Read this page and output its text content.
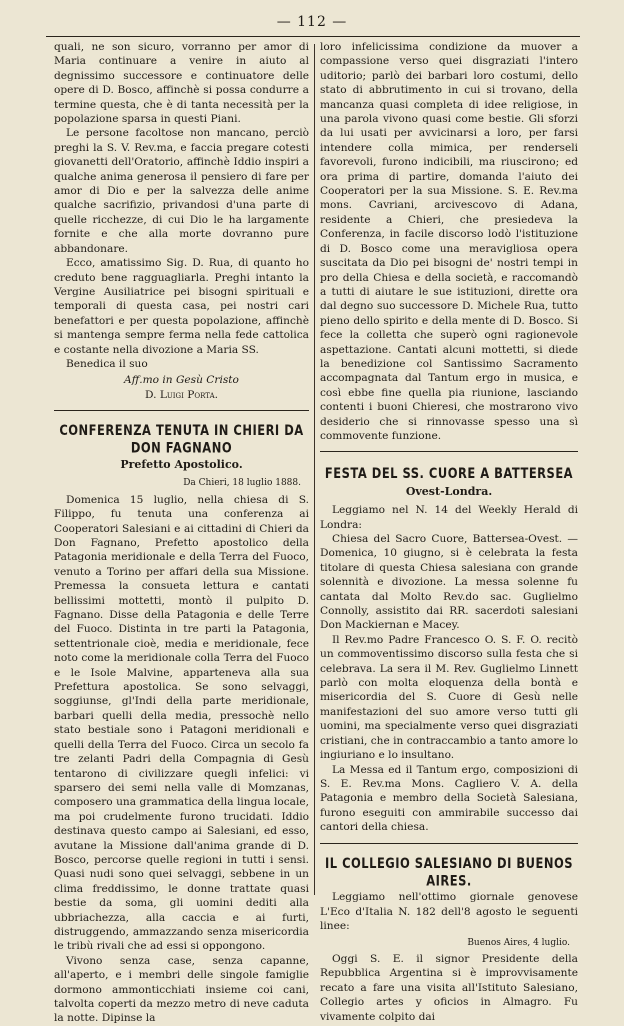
— 112 —

quali, ne son sicuro, vorranno per amor di Maria continuare a venire in aiuto al degnissimo successore e continuatore delle opere di D. Bosco, affinchè si possa condurre a termine questa, che è di tanta necessità per la popolazione sparsa in questi Piani.

Le persone facoltose non mancano, perciò preghi la S. V. Rev.ma, e faccia pregare cotesti giovanetti dell'Oratorio, affinchè Iddio inspiri a qualche anima generosa il pensiero di fare per amor di Dio e per la salvezza delle anime qualche sacrifizio, privandosi d'una parte di quelle ricchezze, di cui Dio le ha largamente fornite e che alla morte dovranno pure abbandonare.

Ecco, amatissimo Sig. D. Rua, di quanto ho creduto bene ragguagliarla. Preghi intanto la Vergine Ausiliatrice pei bisogni spirituali e temporali di questa casa, pei nostri cari benefattori e per questa popolazione, affinchè si mantenga sempre ferma nella fede cattolica e costante nella divozione a Maria SS.

Benedica il suo

Aff.mo in Gesù Cristo
D. Luigi Porta.
CONFERENZA TENUTA IN CHIERI DA DON FAGNANO
Prefetto Apostolico.
Da Chieri, 18 luglio 1888.

Domenica 15 luglio, nella chiesa di S. Filippo, fu tenuta una conferenza ai Cooperatori Salesiani e ai cittadini di Chieri da Don Fagnano, Prefetto apostolico della Patagonia meridionale e della Terra del Fuoco, venuto a Torino per affari della sua Missione. Premessa la consueta lettura e cantati bellissimi mottetti, montò il pulpito D. Fagnano. Disse della Patagonia e delle Terre del Fuoco. Distinta in tre parti la Patagonia, settentrionale cioè, media e meridionale, fece noto come la meridionale colla Terra del Fuoco e le Isole Malvine, appartenevа alla sua Prefettura apostolica. Se sono selvaggi, soggiunse, gl'Indi della parte meridionale, barbari quelli della media, pressochè nello stato bestiale sono i Patagoni meridionali e quelli della Terra del Fuoco. Circa un secolo fa tre zelanti Padri della Compagnia di Gesù tentarono di civilizzare quegli infelici: vi sparsero dei semi nella valle di Momzanas, composero una grammatica della lingua locale, ma poi crudelmente furono trucidati. Iddio destinava questo campo ai Salesiani, ed esso, avutane la Missione dall'anima grande di D. Bosco, percorse quelle regioni in tutti i sensi. Quasi nudi sono quei selvaggi, sebbene in un clima freddissimo, le donne trattate quasi bestie da soma, gli uomini dediti alla ubbriachezza, alla caccia e ai furti, distruggendo, ammazzando senza misericordia le tribù rivali che ad essi si oppongono.

Vivono senza case, senza capanne, all'aperto, e i membri delle singole famiglie dormono ammonticchiati insieme coi cani, talvolta coperti da mezzo metro di neve caduta la notte. Dipinse la

loro infelicissima condizione da muover a compassione verso quei disgraziati l'intero uditorio; parlò dei barbari loro costumi, dello stato di abbrutimento in cui si trovano, della mancanza quasi completa di idee religiose, in una parola vivono quasi come bestie. Gli sforzi da lui usati per avvicinarsi a loro, per farsi intendere colla mimica, per renderseli favorevoli, furono indicibili, ma riuscirono; ed ora prima di partire, domanda l'aiuto dei Cooperatori per la sua Missione. S. E. Rev.ma mons. Cavriani, arcivescovo di Adana, residente a Chieri, che presiedeva la Conferenza, in facile discorso lodò l'istituzione di D. Bosco come una meravigliosa opera suscitata da Dio pei bisogni de' nostri tempi in pro della Chiesa e della società, e raccomandò a tutti di aiutare le sue istituzioni, dirette ora dal degno suo successore D. Michele Rua, tutto pieno dello spirito e della mente di D. Bosco. Si fece la colletta che superò ogni ragionevole aspettazione. Cantati alcuni mottetti, si diede la benedizione col Santissimo Sacramento accompagnata dal Tantum ergo in musica, e così ebbe fine quella pia riunione, lasciando contenti i buoni Chieresi, che mostrarono vivo desiderio che si rinnovasse spesso una sì commovente funzione.

FESTA DEL SS. CUORE A BATTERSEA
Ovest-Londra.

Leggiamo nel N. 14 del Weekly Herald di Londra:

Chiesa del Sacro Cuore, Battersea-Ovest. — Domenica, 10 giugno, si è celebrata la festa titolare di questa Chiesa salesiana con grande solennità e divozione. La messa solenne fu cantata dal Molto Rev.do sac. Guglielmo Connolly, assistito dai RR. sacerdoti salesiani Don Mackiernan e Macey.

Il Rev.mo Padre Francesco O. S. F. O. recitò un commoventissimo discorso sulla festa che si celebrava. La sera il M. Rev. Guglielmo Linnett parlò con molta eloquenza della bontà e misericordia del S. Cuore di Gesù nelle manifestazioni del suo amore verso tutti gli uomini, ma specialmente verso quei disgraziati cristiani, che in contraccambio a tanto amore lo ingiuriano e lo insultano.

La Messa ed il Tantum ergo, composizioni di S. E. Rev.ma Mons. Cagliero V. A. della Patagonia e membro della Società Salesiana, furono eseguiti con ammirabile successo dai cantori della chiesa.

IL COLLEGIO SALESIANO DI BUENOS AIRES.

Leggiamo nell'ottimo giornale genovese L'Eco d'Italia N. 182 dell'8 agosto le seguenti linee:

Buenos Aires, 4 luglio.

Oggi S. E. il signor Presidente della Repubblica Argentina si è improvvisamente recato a fare una visita all'Istituto Salesiano, Collegio artes y oficios in Almagro. Fu vivamente colpito dai
